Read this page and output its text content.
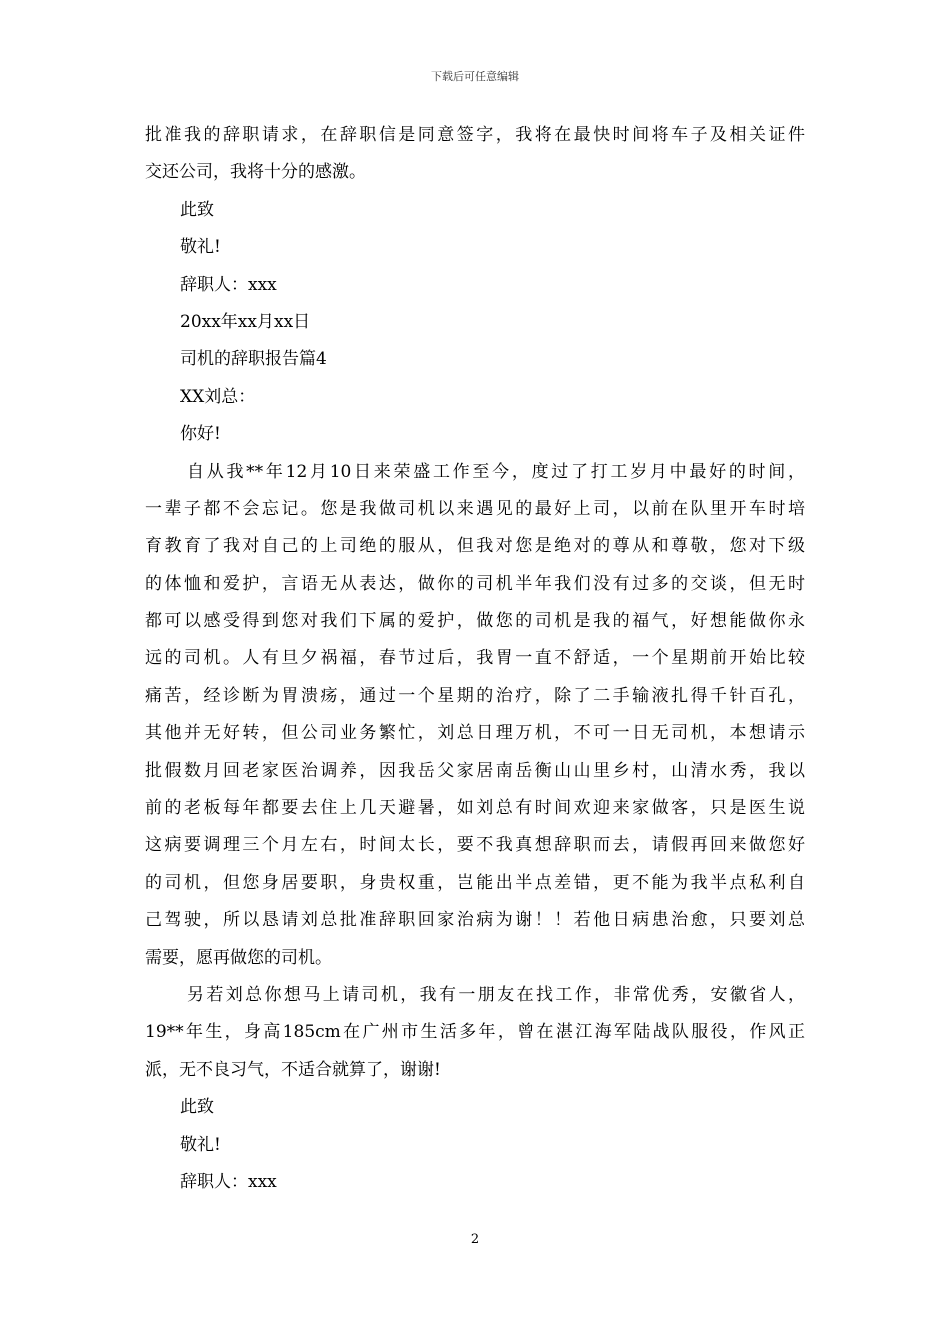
下载后可任意编辑
批准我的辞职请求，在辞职信是同意签字，我将在最快时间将车子及相关证件
交还公司，我将十分的感激。
此致
敬礼!
辞职人：xxx
20xx年xx月xx日
司机的辞职报告篇4
XX刘总：
你好!
自从我**年12月10日来荣盛工作至今，度过了打工岁月中最好的时间，
一辈子都不会忘记。您是我做司机以来遇见的最好上司，以前在队里开车时培
育教育了我对自己的上司绝的服从，但我对您是绝对的尊从和尊敬，您对下级
的体恤和爱护，言语无从表达，做你的司机半年我们没有过多的交谈，但无时
都可以感受得到您对我们下属的爱护，做您的司机是我的福气，好想能做你永
远的司机。人有旦夕祸福，春节过后，我胃一直不舒适，一个星期前开始比较
痛苦，经诊断为胃溃疡，通过一个星期的治疗，除了二手输液扎得千针百孔，
其他并无好转，但公司业务繁忙，刘总日理万机，不可一日无司机，本想请示
批假数月回老家医治调养，因我岳父家居南岳衡山山里乡村，山清水秀，我以
前的老板每年都要去住上几天避暑，如刘总有时间欢迎来家做客，只是医生说
这病要调理三个月左右，时间太长，要不我真想辞职而去，请假再回来做您好
的司机，但您身居要职，身贵权重，岂能出半点差错，更不能为我半点私利自
己驾驶，所以恳请刘总批准辞职回家治病为谢！！若他日病患治愈，只要刘总
需要，愿再做您的司机。
另若刘总你想马上请司机，我有一朋友在找工作，非常优秀，安徽省人，
19**年生，身高185cm在广州市生活多年，曾在湛江海军陆战队服役，作风正
派，无不良习气，不适合就算了，谢谢!
此致
敬礼!
辞职人：xxx
2
